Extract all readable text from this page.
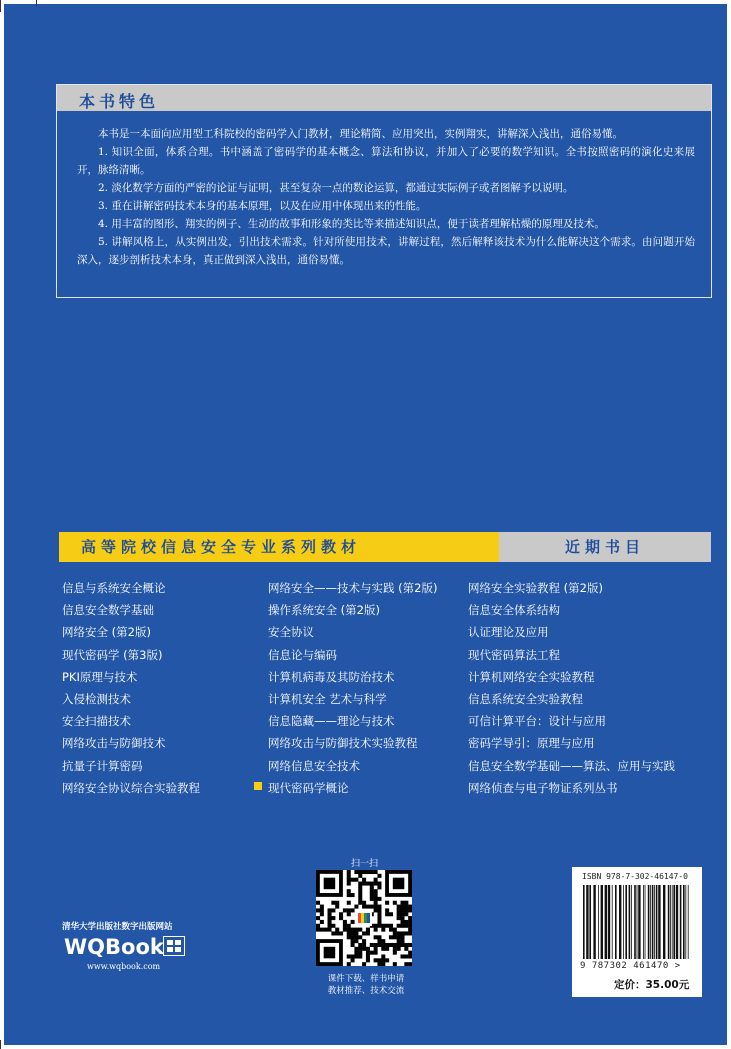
本书特色

本书是一本面向应用型工科院校的密码学入门教材，理论精简、应用突出，实例翔实，讲解深入浅出，通俗易懂。

1. 知识全面，体系合理。书中涵盖了密码学的基本概念、算法和协议，并加入了必要的数学知识。全书按照密码的演化史来展开，脉络清晰。

2. 淡化数学方面的严密的论证与证明，甚至复杂一点的数论运算，都通过实际例子或者图解予以说明。

3. 重在讲解密码技术本身的基本原理，以及在应用中体现出来的性能。

4. 用丰富的图形、翔实的例子、生动的故事和形象的类比等来描述知识点，便于读者理解枯燥的原理及技术。

5. 讲解风格上，从实例出发，引出技术需求。针对所使用技术，讲解过程，然后解释该技术为什么能解决这个需求。由问题开始深入，逐步剖析技术本身，真正做到深入浅出，通俗易懂。

高等院校信息安全专业系列教材	近期书目
信息与系统安全概论
信息安全数学基础
网络安全 (第2版)
现代密码学 (第3版)
PKI原理与技术
入侵检测技术
安全扫描技术
网络攻击与防御技术
抗量子计算密码
网络安全协议综合实验教程
网络安全——技术与实践 (第2版)
操作系统安全 (第2版)
安全协议
信息论与编码
计算机病毒及其防治技术
计算机安全 艺术与科学
信息隐藏——理论与技术
网络攻击与防御技术实验教程
网络信息安全技术
现代密码学概论
网络安全实验教程 (第2版)
信息安全体系结构
认证理论及应用
现代密码算法工程
计算机网络安全实验教程
信息系统安全实验教程
可信计算平台：设计与应用
密码学导引：原理与应用
信息安全数学基础——算法、应用与实践
网络侦查与电子物证系列丛书
清华大学出版社数字出版网站
WQBook
www.wqbook.com
扫一扫
课件下载、样书申请
教材推荐、技术交流
ISBN 978-7-302-46147-0
9 787302 461470 >
定价：35.00元
